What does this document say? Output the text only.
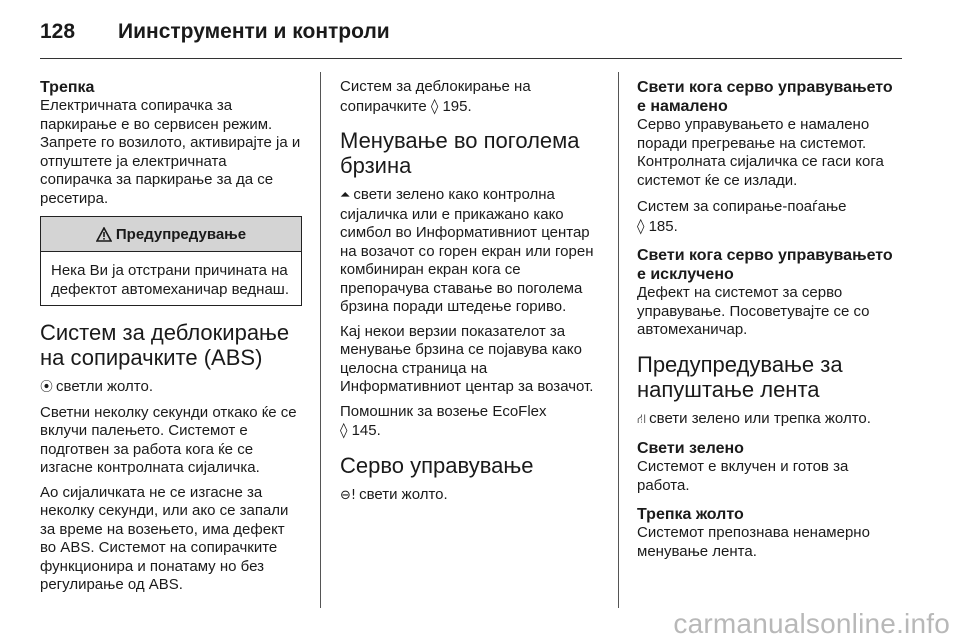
128	Иинструменти и контроли
Трепка

Електричната сопирачка за паркирање е во сервисен режим. Запрете го возилото, активирајте ја и отпуштете ја електричната сопирачка за паркирање за да се ресетира.

Предупредување
Нека Ви ја отстрани причината на дефектот автомеханичар веднаш.
Систем за деблокирање на сопирачките (ABS)

⦿ светли жолто.

Светни неколку секунди откако ќе се вклучи палењето. Системот е подготвен за работа кога ќе се изгасне контролната сијаличка.

Ао сијаличката не се изгасне за неколку секунди, или ако се запали за време на возењето, има дефект во ABS. Системот на сопирачките функционира и понатаму но без регулирање од ABS.

Систем за деблокирање на сопирачките ◊ 195.

Менување во поголема брзина

⏶ свети зелено како контролна сијаличка или е прикажано како симбол во Информативниот центар на возачот со горен екран или горен комбиниран екран кога се препорачува ставање во поголема брзина поради штедење гориво.

Кај некои верзии показателот за менување брзина се појавува како целосна страница на Информативниот центар за возачот.

Помошник за возење EcoFlex
◊ 145.

Серво управување

⊖! свети жолто.

Свети кога серво управувањето е намалено

Серво управувањето е намалено поради прегревање на системот. Контролната сијаличка се гаси кога системот ќе се излади.

Систем за сопирање-поаѓање
◊ 185.

Свети кога серво управувањето е исклучено

Дефект на системот за серво управување. Посоветувајте се со автомеханичар.

Предупредување за напуштање лента

⛙ свети зелено или трепка жолто.

Свети зелено

Системот е вклучен и готов за работа.

Трепка жолто

Системот препознава ненамерно менување лента.

carmanualsonline.info
